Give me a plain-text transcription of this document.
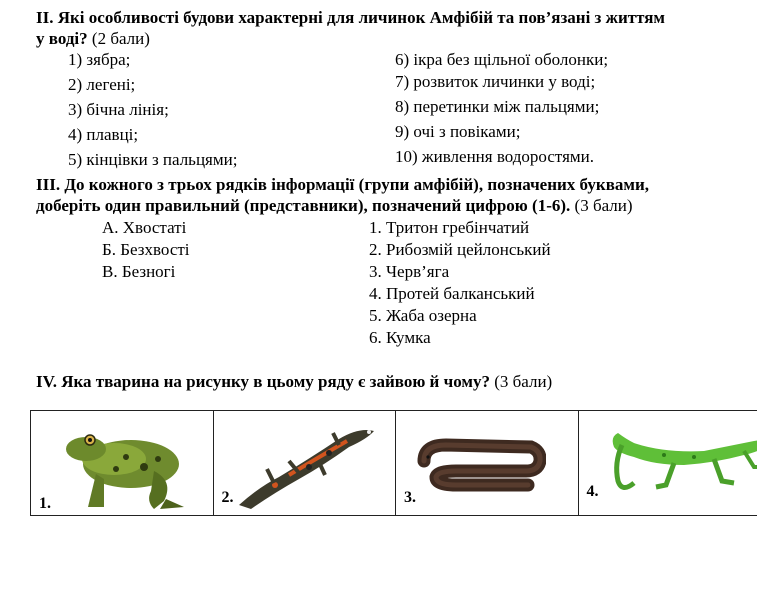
II. Які особливості будови характерні для личинок Амфібій та пов’язані з життям
у воді? (2 бали)
1) зябра;
2) легені;
3) бічна лінія;
4) плавці;
5) кінцівки з пальцями;
6) ікра без щільної оболонки;
7) розвиток личинки у воді;
8) перетинки між пальцями;
9) очі з повіками;
10) живлення водоростями.
III. До кожного з трьох рядків інформації (групи амфібій), позначених буквами,
доберіть один правильний (представники), позначений цифрою (1-6). (3 бали)
А. Хвостаті
Б. Безхвості
В. Безногі
1. Тритон гребінчатий
2. Рибозмій цейлонський
3. Черв’яга
4. Протей балканський
5. Жаба озерна
6. Кумка
IV. Яка тварина на рисунку в цьому ряду є зайвою й чому? (3 бали)
1.	2.	3.	4.
